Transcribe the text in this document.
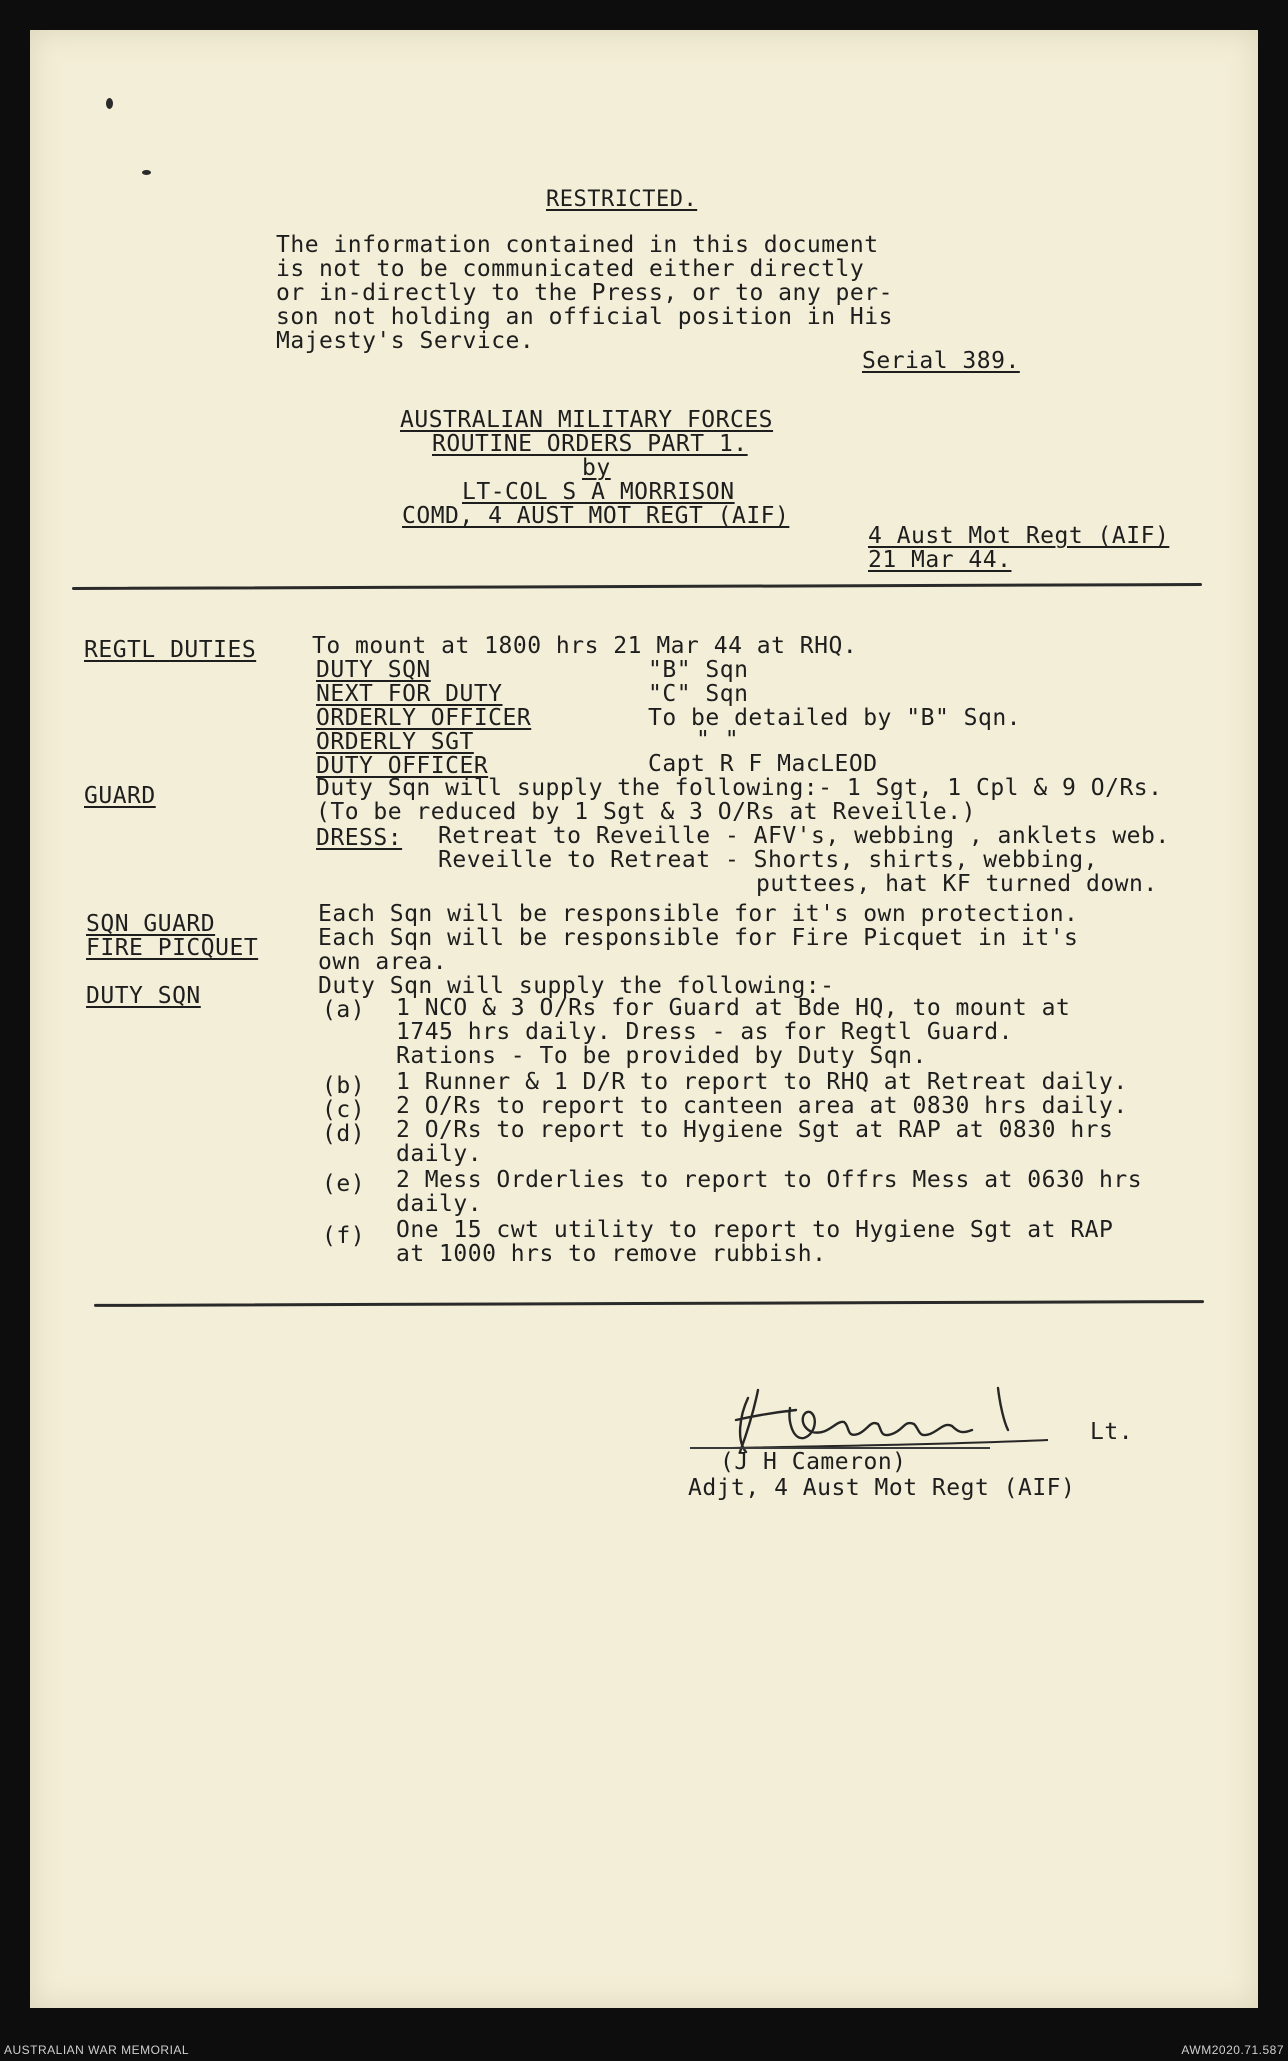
RESTRICTED.
The information contained in this document
is not to be communicated either directly
or in-directly to the Press, or to any per-
son not holding an official position in His
Majesty's Service.
Serial 389.
AUSTRALIAN MILITARY FORCES
ROUTINE ORDERS PART 1.
by
LT-COL S A MORRISON
COMD, 4 AUST MOT REGT (AIF)
4 Aust Mot Regt (AIF)
21 Mar 44.
REGTL DUTIES To mount at 1800 hrs 21 Mar 44 at RHQ.
DUTY SQN	"B" Sqn
NEXT FOR DUTY	"C" Sqn
ORDERLY OFFICER	To be detailed by "B" Sqn.
ORDERLY SGT	" "
DUTY OFFICER	Capt R F MacLEOD
GUARD	Duty Sqn will supply the following:- 1 Sgt, 1 Cpl & 9 O/Rs.
(To be reduced by 1 Sgt & 3 O/Rs at Reveille.)
DRESS: Retreat to Reveille - AFV's, webbing , anklets web.
Reveille to Retreat - Shorts, shirts, webbing,
puttees, hat KF turned down.
SQN GUARD	Each Sqn will be responsible for it's own protection.
FIRE PICQUET	Each Sqn will be responsible for Fire Picquet in it's
own area.
DUTY SQN	Duty Sqn will supply the following:-
(a) 1 NCO & 3 O/Rs for Guard at Bde HQ, to mount at
1745 hrs daily. Dress - as for Regtl Guard.
Rations - To be provided by Duty Sqn.
(b) 1 Runner & 1 D/R to report to RHQ at Retreat daily.
(c) 2 O/Rs to report to canteen area at 0830 hrs daily.
(d) 2 O/Rs to report to Hygiene Sgt at RAP at 0830 hrs
daily.
(e) 2 Mess Orderlies to report to Offrs Mess at 0630 hrs
daily.
(f) One 15 cwt utility to report to Hygiene Sgt at RAP
at 1000 hrs to remove rubbish.
Lt.
(J H Cameron)
Adjt, 4 Aust Mot Regt (AIF)
AUSTRALIAN WAR MEMORIAL	AWM2020.71.587
